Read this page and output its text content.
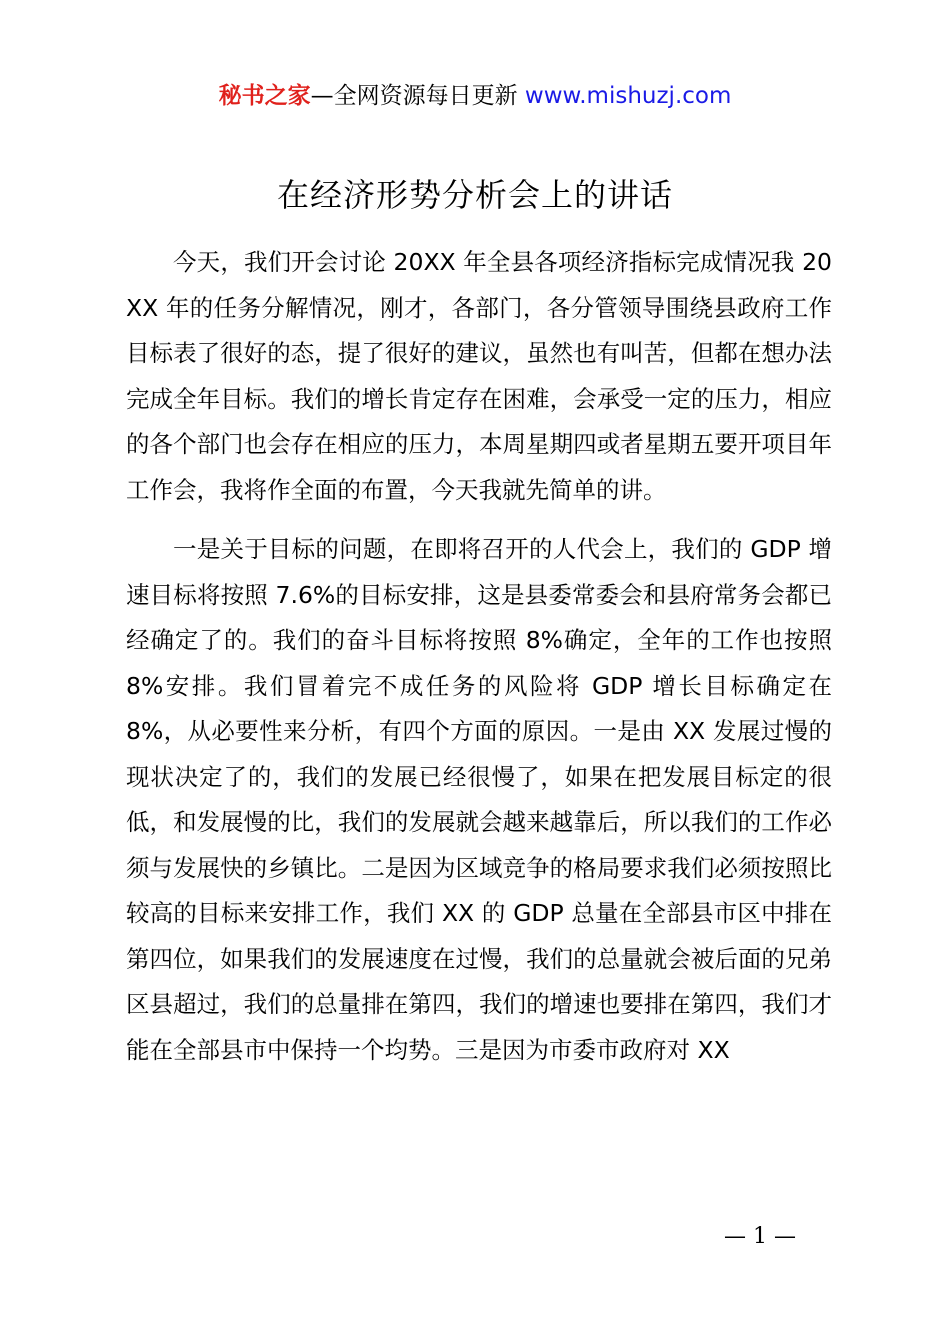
秘书之家—全网资源每日更新 www.mishuzj.com
在经济形势分析会上的讲话

今天，我们开会讨论 20XX 年全县各项经济指标完成情况我 20XX 年的任务分解情况，刚才，各部门，各分管领导围绕县政府工作目标表了很好的态，提了很好的建议，虽然也有叫苦，但都在想办法完成全年目标。我们的增长肯定存在困难，会承受一定的压力，相应的各个部门也会存在相应的压力，本周星期四或者星期五要开项目年工作会，我将作全面的布置，今天我就先简单的讲。

一是关于目标的问题，在即将召开的人代会上，我们的 GDP 增速目标将按照 7.6%的目标安排，这是县委常委会和县府常务会都已经确定了的。我们的奋斗目标将按照 8%确定，全年的工作也按照 8%安排。我们冒着完不成任务的风险将 GDP 增长目标确定在 8%，从必要性来分析，有四个方面的原因。一是由 XX 发展过慢的现状决定了的，我们的发展已经很慢了，如果在把发展目标定的很低，和发展慢的比，我们的发展就会越来越靠后，所以我们的工作必须与发展快的乡镇比。二是因为区域竞争的格局要求我们必须按照比较高的目标来安排工作，我们 XX 的 GDP 总量在全部县市区中排在第四位，如果我们的发展速度在过慢，我们的总量就会被后面的兄弟区县超过，我们的总量排在第四，我们的增速也要排在第四，我们才能在全部县市中保持一个均势。三是因为市委市政府对 XX

— 1 —
